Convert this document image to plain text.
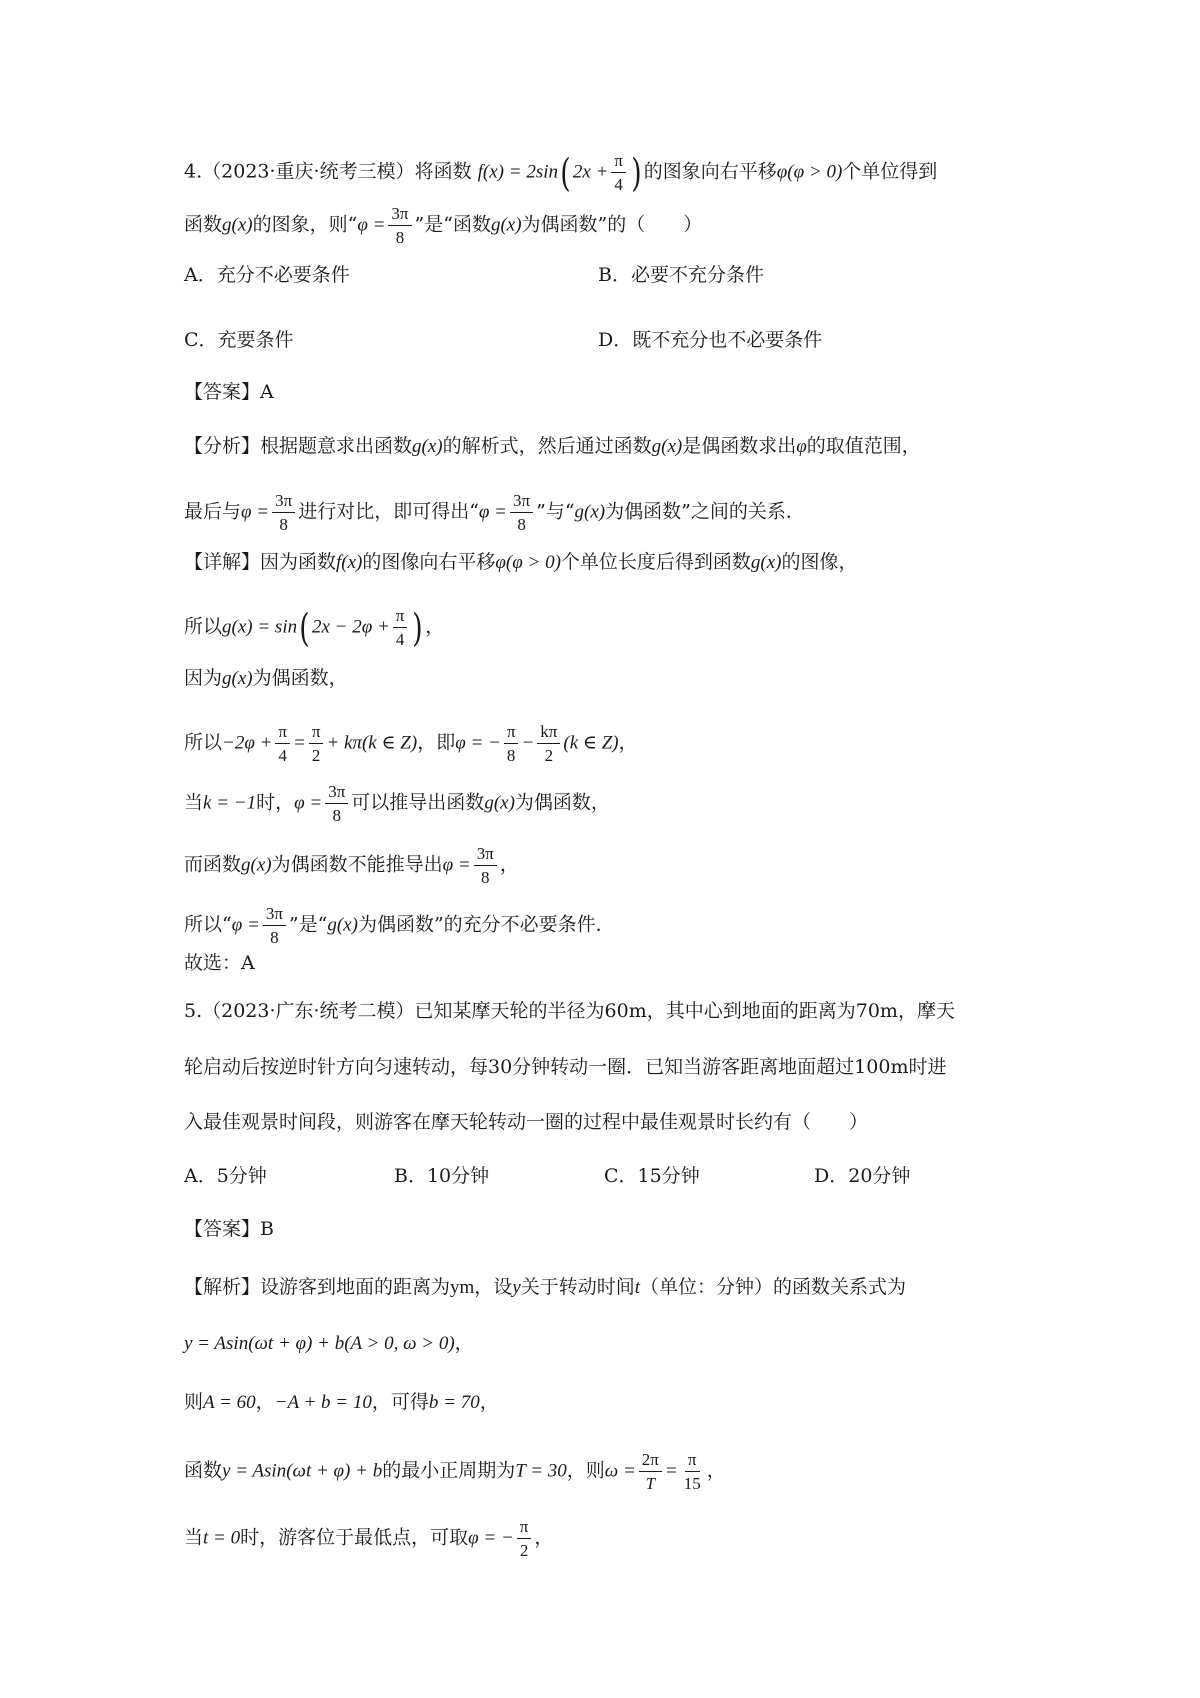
4.（2023·重庆·统考三模）将函数 f(x) = 2sin( $2x + \frac{\pi}{4}$ ) 的图象向右平移φ(φ > 0)个单位得到
函数g(x)的图象，则“$\varphi = \frac{3\pi}{8}$ ”是“函数g(x)为偶函数”的（　　）
A．充分不必要条件	B．必要不充分条件
C．充要条件	D．既不充分也不必要条件
【答案】A
【分析】根据题意求出函数g(x)的解析式，然后通过函数g(x)是偶函数求出φ的取值范围，
最后与$\varphi = \frac{3\pi}{8}$ 进行对比，即可得出“$\varphi = \frac{3\pi}{8}$ ”与“g(x)为偶函数”之间的关系．
【详解】因为函数f(x)的图像向右平移φ(φ > 0)个单位长度后得到函数g(x)的图像，
所以g(x) = sin( $2x - 2\varphi + \frac{\pi}{4}$ ) ，
因为g(x)为偶函数，
所以$-2\varphi + \frac{\pi}{4} = \frac{\pi}{2} + k\pi(k$ ∈ Z)，即φ = − $\frac{\pi}{8} - \frac{k\pi}{2} (k$ ∈ Z)，
当k = −1时，$\varphi = \frac{3\pi}{8}$ 可以推导出函数g(x)为偶函数，
而函数g(x)为偶函数不能推导出$\varphi = \frac{3\pi}{8}$ ，
所以“$\varphi = \frac{3\pi}{8}$ ”是“g(x)为偶函数”的充分不必要条件．
故选：A
5.（2023·广东·统考二模）已知某摩天轮的半径为60m，其中心到地面的距离为70m，摩天
轮启动后按逆时针方向匀速转动，每30分钟转动一圈．已知当游客距离地面超过100m时进
入最佳观景时间段，则游客在摩天轮转动一圈的过程中最佳观景时长约有（　　）
A．5分钟	B．10分钟	C．15分钟	D．20分钟
【答案】B
【解析】设游客到地面的距离为ym，设y关于转动时间t（单位：分钟）的函数关系式为
y = Asin(ωt + φ) + b(A > 0, ω > 0)，
则A = 60，−A + b = 10，可得b = 70，
函数y = Asin(ωt + φ) + b的最小正周期为T = 30，则$\omega = \frac{2\pi}{T} = \frac{\pi}{15}$ ，
当t = 0时，游客位于最低点，可取φ = − $\frac{\pi}{2}$ ，
